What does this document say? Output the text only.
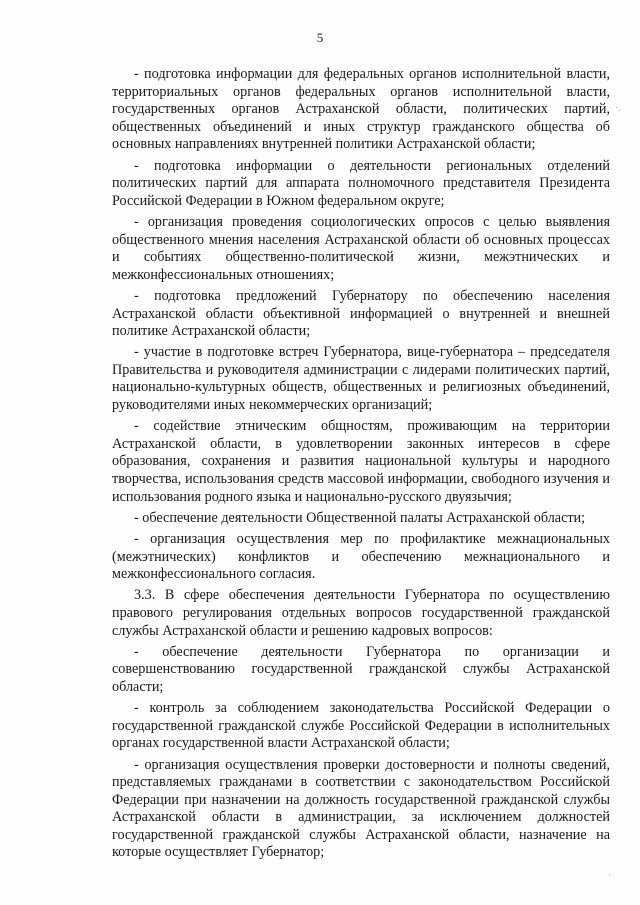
5

- подготовка информации для федеральных органов исполнительной власти, территориальных органов федеральных органов исполнительной власти, государственных органов Астраханской области, политических партий, общественных объединений и иных структур гражданского общества об основных направлениях внутренней политики Астраханской области;

- подготовка информации о деятельности региональных отделений политических партий для аппарата полномочного представителя Президента Российской Федерации в Южном федеральном округе;

- организация проведения социологических опросов с целью выявления общественного мнения населения Астраханской области об основных процессах и событиях общественно-политической жизни, межэтнических и межконфессиональных отношениях;

- подготовка предложений Губернатору по обеспечению населения Астраханской области объективной информацией о внутренней и внешней политике Астраханской области;

- участие в подготовке встреч Губернатора, вице-губернатора – председателя Правительства и руководителя администрации с лидерами политических партий, национально-культурных обществ, общественных и религиозных объединений, руководителями иных некоммерческих организаций;

- содействие этническим общностям, проживающим на территории Астраханской области, в удовлетворении законных интересов в сфере образования, сохранения и развития национальной культуры и народного творчества, использования средств массовой информации, свободного изучения и использования родного языка и национально-русского двуязычия;

- обеспечение деятельности Общественной палаты Астраханской области;

- организация осуществления мер по профилактике межнациональных (межэтнических) конфликтов и обеспечению межнационального и межконфессионального согласия.

3.3. В сфере обеспечения деятельности Губернатора по осуществлению правового регулирования отдельных вопросов государственной гражданской службы Астраханской области и решению кадровых вопросов:

- обеспечение деятельности Губернатора по организации и совершенствованию государственной гражданской службы Астраханской области;

- контроль за соблюдением законодательства Российской Федерации о государственной гражданской службе Российской Федерации в исполнительных органах государственной власти Астраханской области;

- организация осуществления проверки достоверности и полноты сведений, представляемых гражданами в соответствии с законодательством Российской Федерации при назначении на должность государственной гражданской службы Астраханской области в администрации, за исключением должностей государственной гражданской службы Астраханской области, назначение на которые осуществляет Губернатор;

·.
·
·
